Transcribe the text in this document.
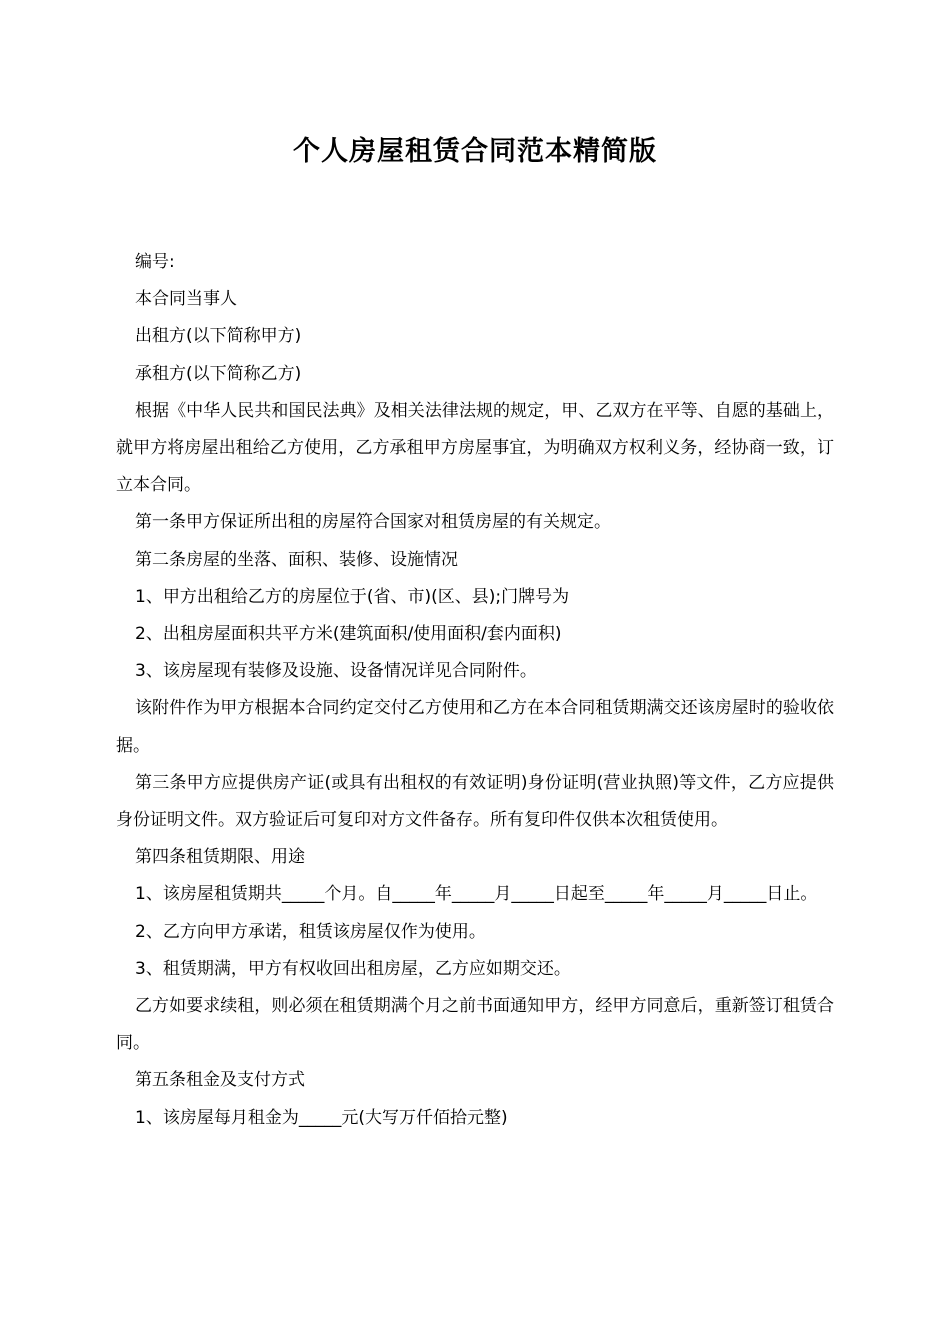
个人房屋租赁合同范本精简版

编号:

本合同当事人

出租方(以下简称甲方)

承租方(以下简称乙方)

根据《中华人民共和国民法典》及相关法律法规的规定，甲、乙双方在平等、自愿的基础上，就甲方将房屋出租给乙方使用，乙方承租甲方房屋事宜，为明确双方权利义务，经协商一致，订立本合同。

第一条甲方保证所出租的房屋符合国家对租赁房屋的有关规定。

第二条房屋的坐落、面积、装修、设施情况

1、甲方出租给乙方的房屋位于(省、市)(区、县);门牌号为

2、出租房屋面积共平方米(建筑面积/使用面积/套内面积)

3、该房屋现有装修及设施、设备情况详见合同附件。

该附件作为甲方根据本合同约定交付乙方使用和乙方在本合同租赁期满交还该房屋时的验收依据。

第三条甲方应提供房产证(或具有出租权的有效证明)身份证明(营业执照)等文件，乙方应提供身份证明文件。双方验证后可复印对方文件备存。所有复印件仅供本次租赁使用。

第四条租赁期限、用途

1、该房屋租赁期共_____个月。自_____年_____月_____日起至_____年_____月_____日止。

2、乙方向甲方承诺，租赁该房屋仅作为使用。

3、租赁期满，甲方有权收回出租房屋，乙方应如期交还。

乙方如要求续租，则必须在租赁期满个月之前书面通知甲方，经甲方同意后，重新签订租赁合同。

第五条租金及支付方式

1、该房屋每月租金为_____元(大写万仟佰拾元整)
